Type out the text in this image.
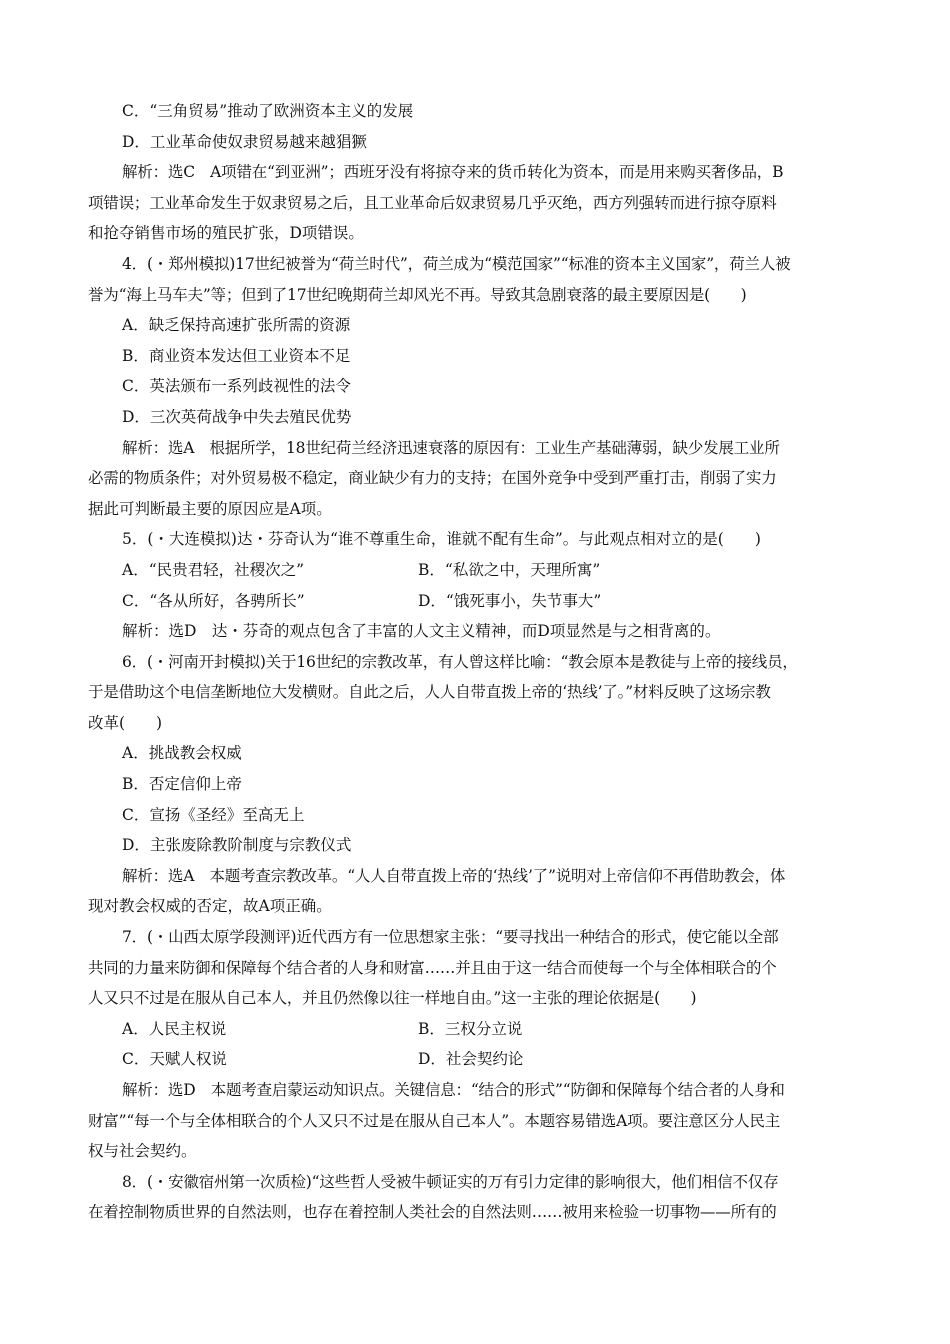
C．“三角贸易”推动了欧洲资本主义的发展
D．工业革命使奴隶贸易越来越猖獗
解析：选C　A项错在“到亚洲”；西班牙没有将掠夺来的货币转化为资本，而是用来购买奢侈品，B
项错误；工业革命发生于奴隶贸易之后，且工业革命后奴隶贸易几乎灭绝，西方列强转而进行掠夺原料
和抢夺销售市场的殖民扩张，D项错误。
4．(・郑州模拟)17世纪被誉为“荷兰时代”，荷兰成为“模范国家”“标准的资本主义国家”，荷兰人被
誉为“海上马车夫”等；但到了17世纪晚期荷兰却风光不再。导致其急剧衰落的最主要原因是(　　)
A．缺乏保持高速扩张所需的资源
B．商业资本发达但工业资本不足
C．英法颁布一系列歧视性的法令
D．三次英荷战争中失去殖民优势
解析：选A　根据所学，18世纪荷兰经济迅速衰落的原因有：工业生产基础薄弱，缺少发展工业所
必需的物质条件；对外贸易极不稳定，商业缺少有力的支持；在国外竞争中受到严重打击，削弱了实力
据此可判断最主要的原因应是A项。
5．(・大连模拟)达・芬奇认为“谁不尊重生命，谁就不配有生命”。与此观点相对立的是(　　)
A．“民贵君轻，社稷次之”	B．“私欲之中，天理所寓”
C．“各从所好，各骋所长”	D．“饿死事小，失节事大”
解析：选D　达・芬奇的观点包含了丰富的人文主义精神，而D项显然是与之相背离的。
6．(・河南开封模拟)关于16世纪的宗教改革，有人曾这样比喻：“教会原本是教徒与上帝的接线员，
于是借助这个电信垄断地位大发横财。自此之后，人人自带直拨上帝的‘热线’了。”材料反映了这场宗教
改革(　　)
A．挑战教会权威
B．否定信仰上帝
C．宣扬《圣经》至高无上
D．主张废除教阶制度与宗教仪式
解析：选A　本题考查宗教改革。“人人自带直拨上帝的‘热线’了”说明对上帝信仰不再借助教会，体
现对教会权威的否定，故A项正确。
7．(・山西太原学段测评)近代西方有一位思想家主张：“要寻找出一种结合的形式，使它能以全部
共同的力量来防御和保障每个结合者的人身和财富……并且由于这一结合而使每一个与全体相联合的个
人又只不过是在服从自己本人，并且仍然像以往一样地自由。”这一主张的理论依据是(　　)
A．人民主权说	B．三权分立说
C．天赋人权说	D．社会契约论
解析：选D　本题考查启蒙运动知识点。关键信息：“结合的形式”“防御和保障每个结合者的人身和
财富”“每一个与全体相联合的个人又只不过是在服从自己本人”。本题容易错选A项。要注意区分人民主
权与社会契约。
8．(・安徽宿州第一次质检)“这些哲人受被牛顿证实的万有引力定律的影响很大，他们相信不仅存
在着控制物质世界的自然法则，也存在着控制人类社会的自然法则……被用来检验一切事物——所有的
